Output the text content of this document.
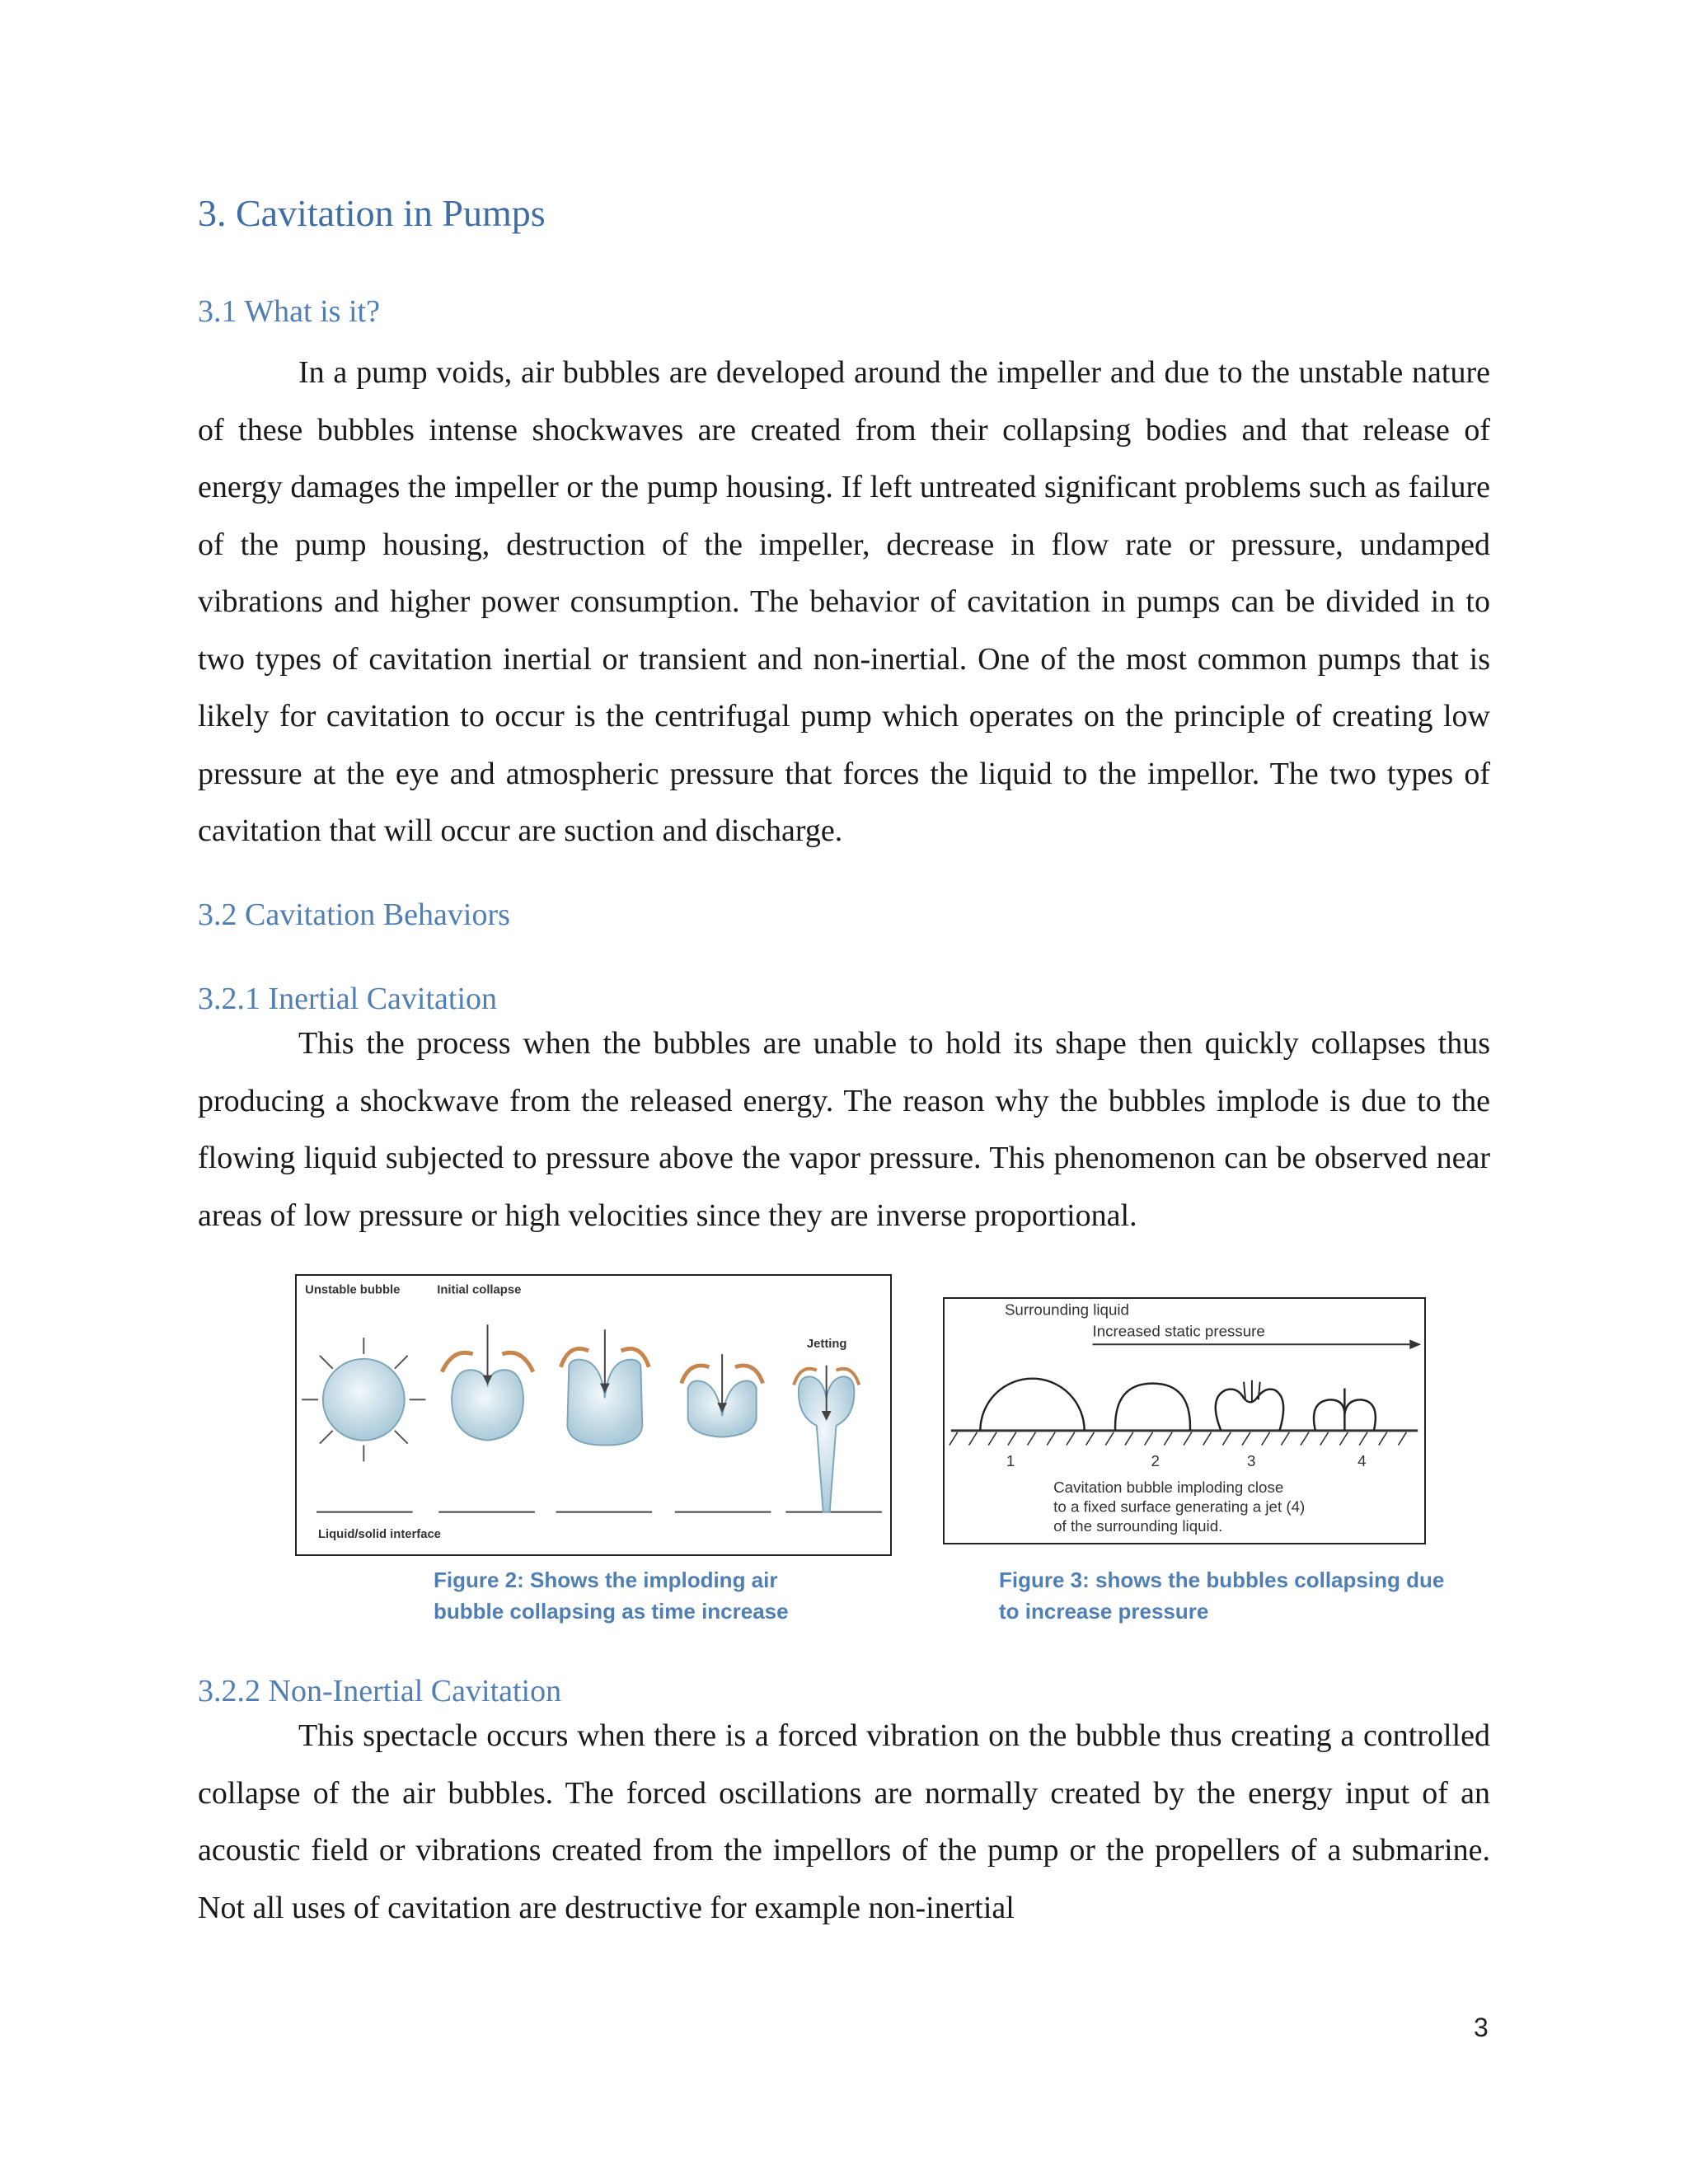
3. Cavitation in Pumps
3.1 What is it?

In a pump voids, air bubbles are developed around the impeller and due to the unstable nature of these bubbles intense shockwaves are created from their collapsing bodies and that release of energy damages the impeller or the pump housing. If left untreated significant problems such as failure of the pump housing, destruction of the impeller, decrease in flow rate or pressure, undamped vibrations and higher power consumption. The behavior of cavitation in pumps can be divided in to two types of cavitation inertial or transient and non-inertial. One of the most common pumps that is likely for cavitation to occur is the centrifugal pump which operates on the principle of creating low pressure at the eye and atmospheric pressure that forces the liquid to the impellor. The two types of cavitation that will occur are suction and discharge.

3.2 Cavitation Behaviors
3.2.1 Inertial Cavitation

This the process when the bubbles are unable to hold its shape then quickly collapses thus producing a shockwave from the released energy. The reason why the bubbles implode is due to the flowing liquid subjected to pressure above the vapor pressure. This phenomenon can be observed near areas of low pressure or high velocities since they are inverse proportional.

Unstable bubble	Initial collapse
Jetting
Liquid/solid interface
Figure 2: Shows the imploding air
bubble collapsing as time increase
Surrounding liquid
Increased static pressure
1	2	3	4
Cavitation bubble imploding close
to a fixed surface generating a jet (4)
of the surrounding liquid.
Figure 3: shows the bubbles collapsing due
to increase pressure
3.2.2 Non-Inertial Cavitation

This spectacle occurs when there is a forced vibration on the bubble thus creating a controlled collapse of the air bubbles. The forced oscillations are normally created by the energy input of an acoustic field or vibrations created from the impellors of the pump or the propellers of a submarine. Not all uses of cavitation are destructive for example non-inertial

3
